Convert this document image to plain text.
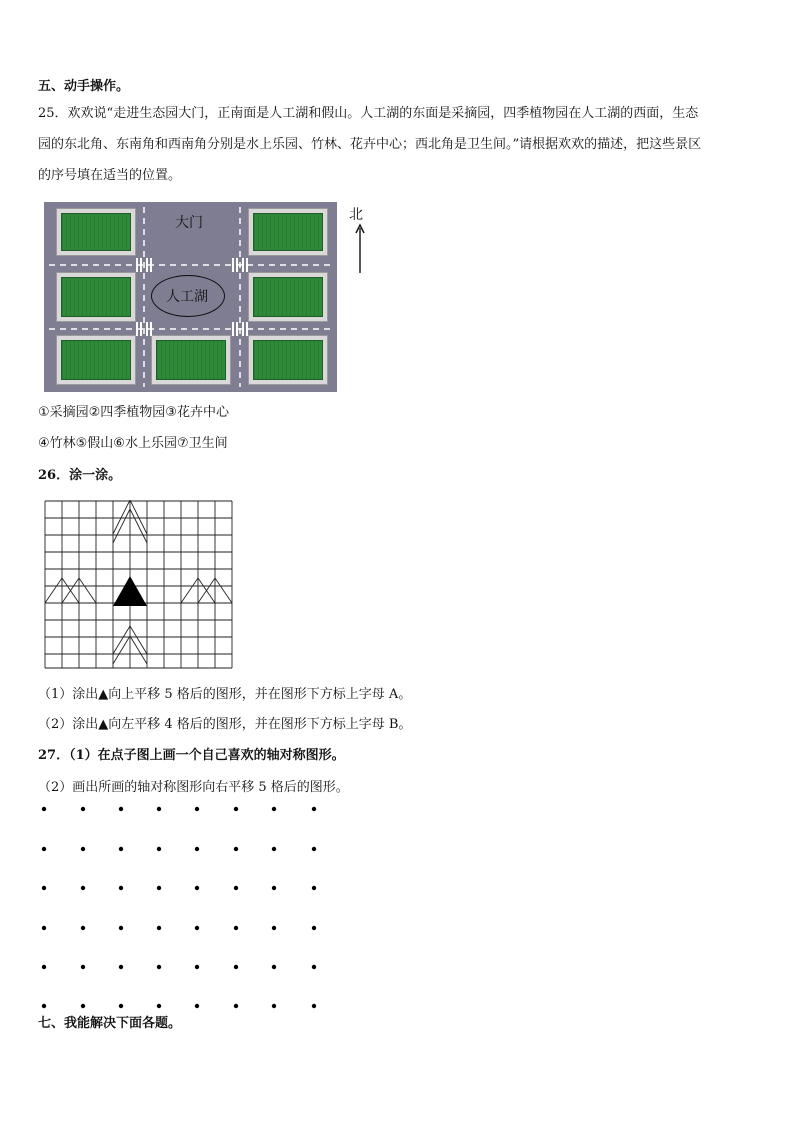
五、动手操作。
25．欢欢说“走进生态园大门，正南面是人工湖和假山。人工湖的东面是采摘园，四季植物园在人工湖的西面，生态
园的东北角、东南角和西南角分别是水上乐园、竹林、花卉中心；西北角是卫生间。”请根据欢欢的描述，把这些景区
的序号填在适当的位置。
大门
人工湖
北
①采摘园②四季植物园③花卉中心
④竹林⑤假山⑥水上乐园⑦卫生间
26．涂一涂。
（1）涂出▲向上平移 5 格后的图形，并在图形下方标上字母 A。
（2）涂出▲向左平移 4 格后的图形，并在图形下方标上字母 B。
27．（1）在点子图上画一个自己喜欢的轴对称图形。
（2）画出所画的轴对称图形向右平移 5 格后的图形。
七、我能解决下面各题。
